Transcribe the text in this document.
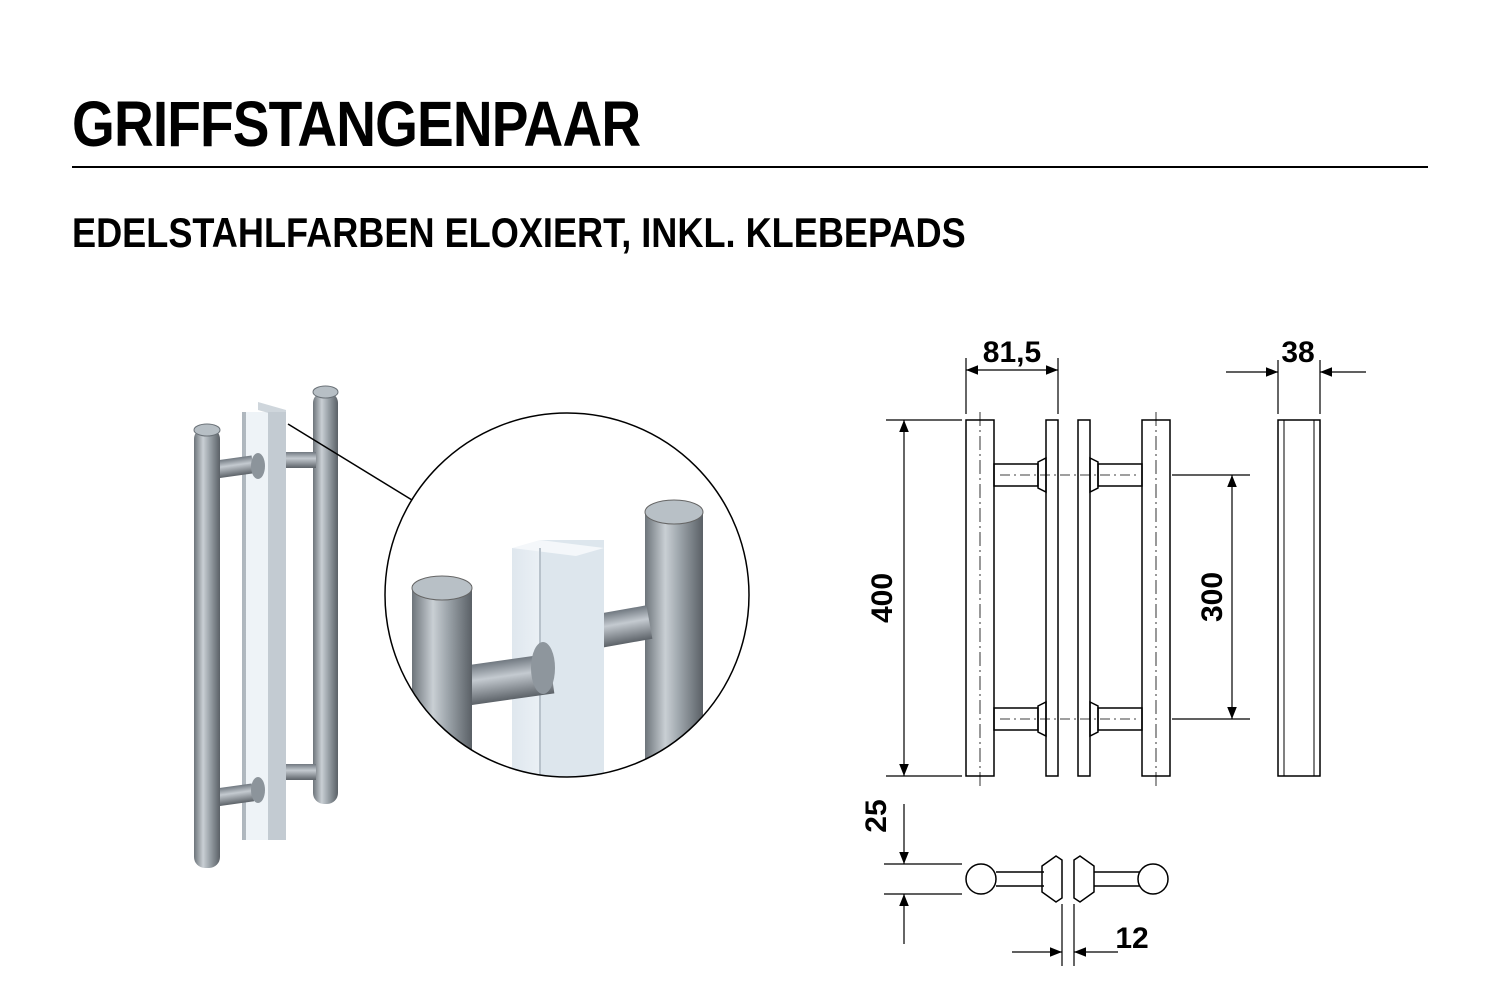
GRIFFSTANGENPAAR
EDELSTAHLFARBEN ELOXIERT, INKL. KLEBEPADS
81,5
400	300
38
25
12
